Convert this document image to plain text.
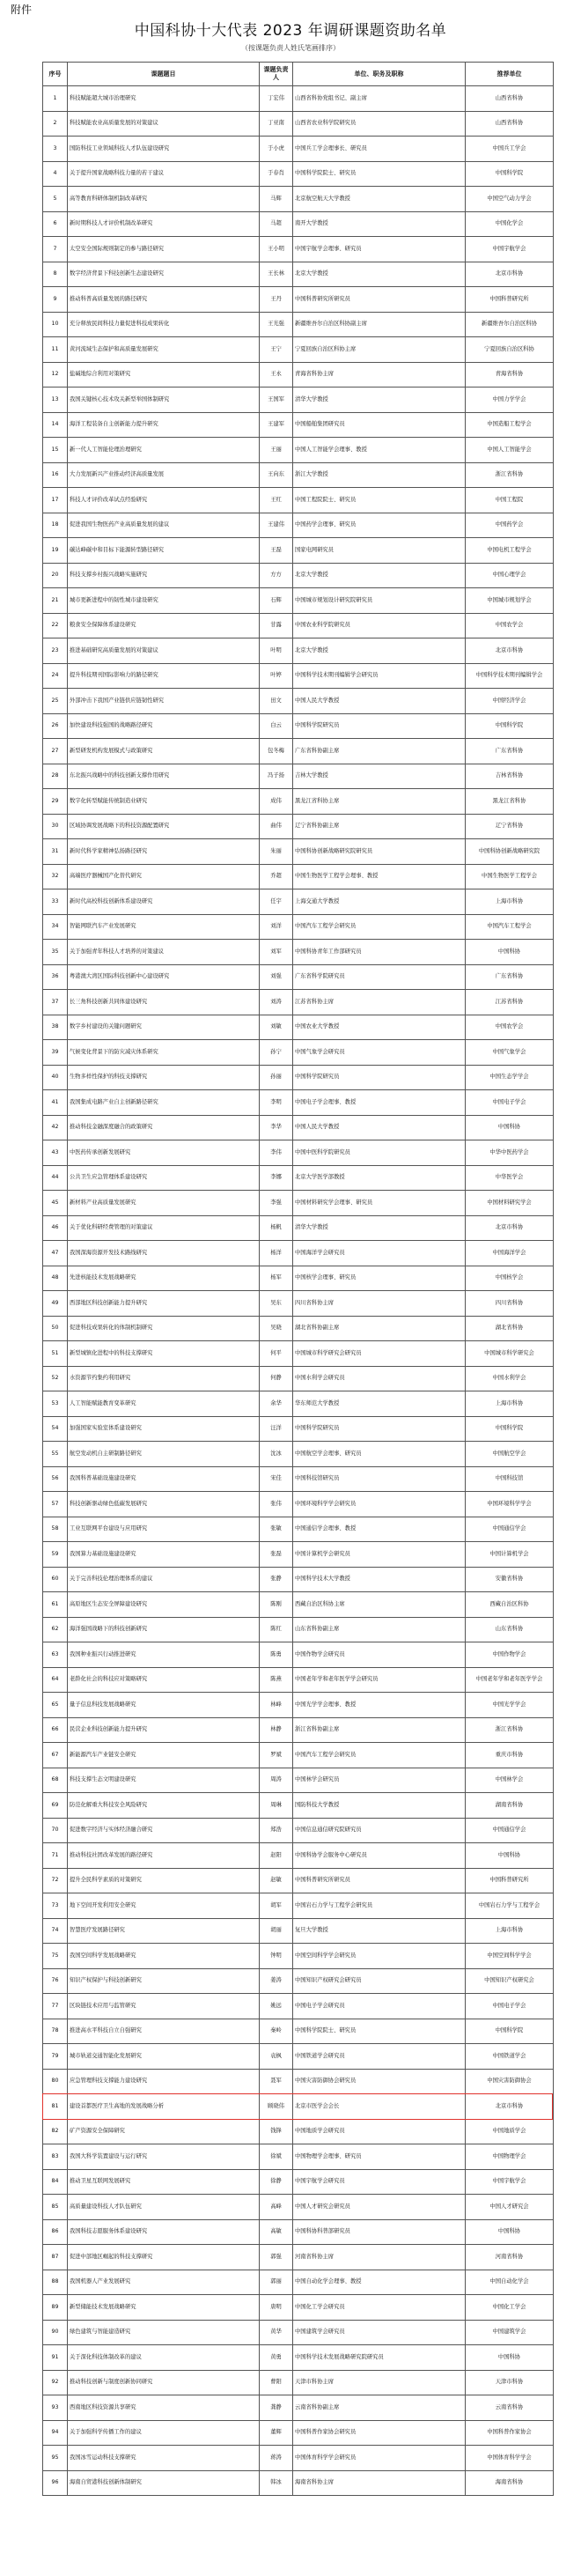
附件
中国科协十大代表 2023 年调研课题资助名单
（按课题负责人姓氏笔画排序）
序号	课题题目	课题负责人	单位、职务及职称	推荐单位
1	科技赋能超大城市治理研究	丁宏伟	山西省科协党组书记、副主席	山西省科协
2	科技赋能农业高质量发展的对策建议	丁亚南	山西省农业科学院研究员	山西省科协
3	国防科技工业领域科技人才队伍建设研究	于小虎	中国兵工学会理事长、研究员	中国兵工学会
4	关于提升国家战略科技力量的若干建议	于春肖	中国科学院院士、研究员	中国科学院
5	高等教育科研体制机制改革研究	马辉	北京航空航天大学教授	中国空气动力学会
6	新时期科技人才评价机制改革研究	马超	南开大学教授	中国化学会
7	太空安全国际规则制定的参与路径研究	王小明	中国宇航学会理事、研究员	中国宇航学会
8	数字经济背景下科技创新生态建设研究	王长林	北京大学教授	北京市科协
9	推动科普高质量发展的路径研究	王丹	中国科普研究所研究员	中国科普研究所
10	充分释放民间科技力量促进科技成果转化	王光强	新疆维吾尔自治区科协副主席	新疆维吾尔自治区科协
11	黄河流域生态保护和高质量发展研究	王宁	宁夏回族自治区科协主席	宁夏回族自治区科协
12	盐碱地综合利用对策研究	王永	青海省科协主席	青海省科协
13	我国关键核心技术攻关新型举国体制研究	王国军	清华大学教授	中国力学学会
14	海洋工程装备自主创新能力提升研究	王建军	中国船舶集团研究员	中国造船工程学会
15	新一代人工智能伦理治理研究	王丽	中国人工智能学会理事、教授	中国人工智能学会
16	大力发展新兴产业推动经济高质量发展	王向东	浙江大学教授	浙江省科协
17	科技人才评价改革试点经验研究	王红	中国工程院院士、研究员	中国工程院
18	促进我国生物医药产业高质量发展的建议	王建伟	中国药学会理事、研究员	中国药学会
19	碳达峰碳中和目标下能源转型路径研究	王磊	国家电网研究员	中国电机工程学会
20	科技支撑乡村振兴战略实施研究	方方	北京大学教授	中国心理学会
21	城市更新进程中的韧性城市建设研究	石辉	中国城市规划设计研究院研究员	中国城市规划学会
22	粮食安全保障体系建设研究	甘露	中国农业科学院研究员	中国农学会
23	推进基础研究高质量发展的对策建议	叶明	北京大学教授	北京市科协
24	提升科技期刊国际影响力的路径研究	叶婷	中国科学技术期刊编辑学会研究员	中国科学技术期刊编辑学会
25	外部冲击下我国产业链供应链韧性研究	田文	中国人民大学教授	中国经济学会
26	加快建设科技强国的战略路径研究	白云	中国科学院研究员	中国科学院
27	新型研发机构发展模式与政策研究	包冬梅	广东省科协副主席	广东省科协
28	东北振兴战略中的科技创新支撑作用研究	冯子扬	吉林大学教授	吉林省科协
29	数字化转型赋能传统制造业研究	成伟	黑龙江省科协主席	黑龙江省科协
30	区域协调发展战略下的科技资源配置研究	曲伟	辽宁省科协副主席	辽宁省科协
31	新时代科学家精神弘扬路径研究	朱丽	中国科协创新战略研究院研究员	中国科协创新战略研究院
32	高端医疗器械国产化替代研究	乔超	中国生物医学工程学会理事、教授	中国生物医学工程学会
33	新时代高校科技创新体系建设研究	任宇	上海交通大学教授	上海市科协
34	智能网联汽车产业发展研究	刘洋	中国汽车工程学会研究员	中国汽车工程学会
35	关于加强青年科技人才培养的对策建议	刘军	中国科协青年工作部研究员	中国科协
36	粤港澳大湾区国际科技创新中心建设研究	刘强	广东省科学院研究员	广东省科协
37	长三角科技创新共同体建设研究	刘涛	江苏省科协主席	江苏省科协
38	数字乡村建设的关键问题研究	刘敏	中国农业大学教授	中国农学会
39	气候变化背景下的防灾减灾体系研究	孙宁	中国气象学会研究员	中国气象学会
40	生物多样性保护的科技支撑研究	孙丽	中国科学院研究员	中国生态学学会
41	我国集成电路产业自主创新路径研究	李明	中国电子学会理事、教授	中国电子学会
42	推动科技金融深度融合的政策研究	李华	中国人民大学教授	中国科协
43	中医药传承创新发展研究	李伟	中国中医科学院研究员	中华中医药学会
44	公共卫生应急管理体系建设研究	李娜	北京大学医学部教授	中华医学会
45	新材料产业高质量发展研究	李强	中国材料研究学会理事、研究员	中国材料研究学会
46	关于优化科研经费管理的对策建议	杨帆	清华大学教授	北京市科协
47	我国深海资源开发技术路线研究	杨洋	中国海洋学会研究员	中国海洋学会
48	先进核能技术发展战略研究	杨军	中国核学会理事、研究员	中国核学会
49	西部地区科技创新能力提升研究	吴东	四川省科协主席	四川省科协
50	促进科技成果转化的体制机制研究	吴晓	湖北省科协副主席	湖北省科协
51	新型城镇化进程中的科技支撑研究	何平	中国城市科学研究会研究员	中国城市科学研究会
52	水资源节约集约利用研究	何静	中国水利学会研究员	中国水利学会
53	人工智能赋能教育变革研究	余华	华东师范大学教授	上海市科协
54	加强国家实验室体系建设研究	汪洋	中国科学院研究员	中国科学院
55	航空发动机自主研制路径研究	沈冰	中国航空学会理事、研究员	中国航空学会
56	我国科普基础设施建设研究	宋佳	中国科技馆研究员	中国科技馆
57	科技创新驱动绿色低碳发展研究	张伟	中国环境科学学会研究员	中国环境科学学会
58	工业互联网平台建设与应用研究	张敏	中国通信学会理事、教授	中国通信学会
59	我国算力基础设施建设研究	张磊	中国计算机学会研究员	中国计算机学会
60	关于完善科技伦理治理体系的建议	张静	中国科学技术大学教授	安徽省科协
61	高原地区生态安全屏障建设研究	陈刚	西藏自治区科协主席	西藏自治区科协
62	海洋强国战略下的科技创新研究	陈红	山东省科协副主席	山东省科协
63	我国种业振兴行动推进研究	陈勇	中国作物学会研究员	中国作物学会
64	老龄化社会的科技应对策略研究	陈燕	中国老年学和老年医学学会研究员	中国老年学和老年医学学会
65	量子信息科技发展战略研究	林峰	中国光学学会理事、教授	中国光学学会
66	民营企业科技创新能力提升研究	林静	浙江省科协副主席	浙江省科协
67	新能源汽车产业链安全研究	罗斌	中国汽车工程学会研究员	重庆市科协
68	科技支撑生态文明建设研究	周涛	中国林学会研究员	中国林学会
69	防范化解重大科技安全风险研究	周琳	国防科技大学教授	湖南省科协
70	促进数字经济与实体经济融合研究	郑浩	中国信息通信研究院研究员	中国通信学会
71	推动科技社团改革发展的路径研究	赵阳	中国科协学会服务中心研究员	中国科协
72	提升全民科学素质的对策研究	赵敏	中国科普研究所研究员	中国科普研究所
73	地下空间开发利用安全研究	胡军	中国岩石力学与工程学会研究员	中国岩石力学与工程学会
74	智慧医疗发展路径研究	胡丽	复旦大学教授	上海市科协
75	我国空间科学发展战略研究	钟明	中国空间科学学会研究员	中国空间科学学会
76	知识产权保护与科技创新研究	姜涛	中国知识产权研究会研究员	中国知识产权研究会
77	区块链技术应用与监管研究	姚远	中国电子学会研究员	中国电子学会
78	推进高水平科技自立自强研究	秦岭	中国科学院院士、研究员	中国科学院
79	城市轨道交通智能化发展研究	袁枫	中国铁道学会研究员	中国铁道学会
80	应急管理科技支撑能力建设研究	聂军	中国灾害防御协会研究员	中国灾害防御协会
81	建设首都医疗卫生高地的发展战略分析	顾晓伟	北京市医学会会长	北京市科协
82	矿产资源安全保障研究	钱锋	中国地质学会研究员	中国地质学会
83	我国大科学装置建设与运行研究	徐斌	中国物理学会理事、研究员	中国物理学会
84	推动卫星互联网发展研究	徐静	中国宇航学会研究员	中国宇航学会
85	高质量建设科技人才队伍研究	高峰	中国人才研究会研究员	中国人才研究会
86	我国科技志愿服务体系建设研究	高敏	中国科协科普部研究员	中国科协
87	促进中部地区崛起的科技支撑研究	郭强	河南省科协主席	河南省科协
88	我国机器人产业发展研究	郭丽	中国自动化学会理事、教授	中国自动化学会
89	新型储能技术发展战略研究	唐明	中国化工学会研究员	中国化工学会
90	绿色建筑与智能建造研究	黄华	中国建筑学会研究员	中国建筑学会
91	关于深化科技体制改革的建议	黄勇	中国科学技术发展战略研究院研究员	中国科协
92	推动科技创新与制度创新协同研究	曹阳	天津市科协主席	天津市科协
93	西南地区科技资源共享研究	龚静	云南省科协副主席	云南省科协
94	关于加强科学传播工作的建议	董辉	中国科普作家协会研究员	中国科普作家协会
95	我国冰雪运动科技支撑研究	蒋涛	中国体育科学学会研究员	中国体育科学学会
96	海南自贸港科技创新体制研究	韩冰	海南省科协主席	海南省科协
